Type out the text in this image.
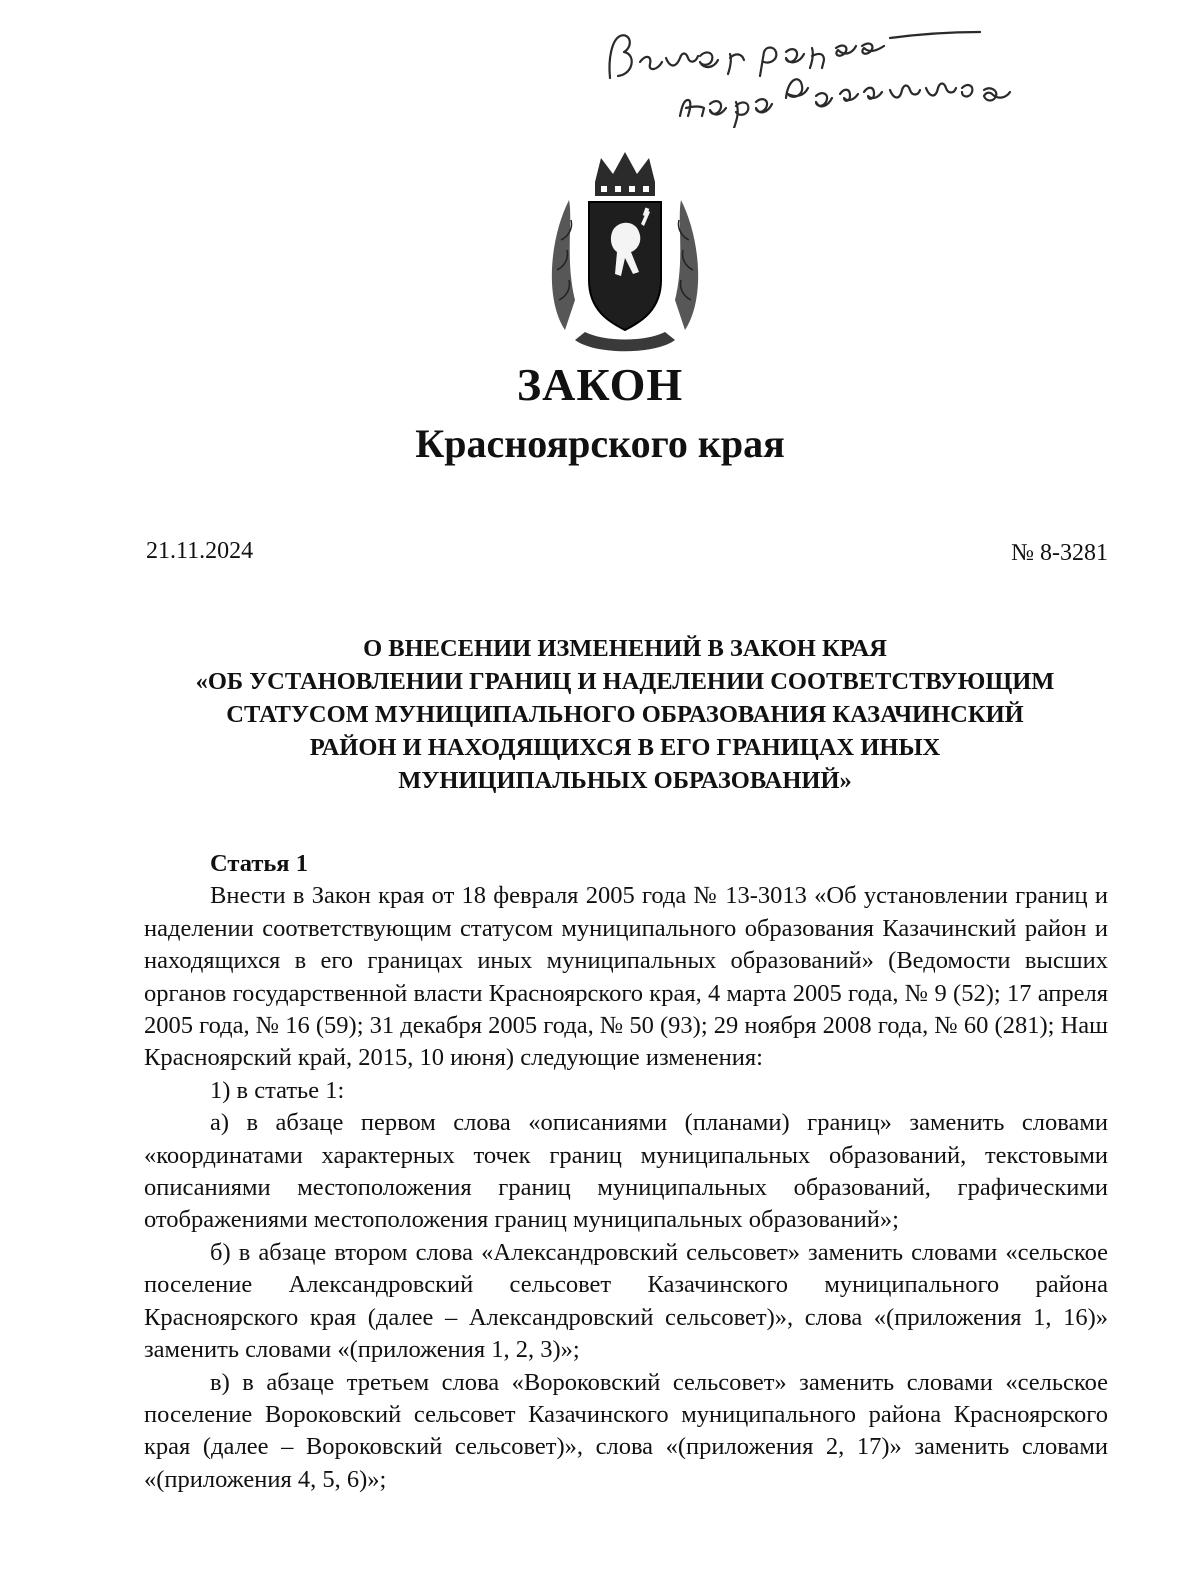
ЗАКОН
Красноярского края
21.11.2024	№ 8-3281
О ВНЕСЕНИИ ИЗМЕНЕНИЙ В ЗАКОН КРАЯ
«ОБ УСТАНОВЛЕНИИ ГРАНИЦ И НАДЕЛЕНИИ СООТВЕТСТВУЮЩИМ
СТАТУСОМ МУНИЦИПАЛЬНОГО ОБРАЗОВАНИЯ КАЗАЧИНСКИЙ
РАЙОН И НАХОДЯЩИХСЯ В ЕГО ГРАНИЦАХ ИНЫХ
МУНИЦИПАЛЬНЫХ ОБРАЗОВАНИЙ»
Статья 1

Внести в Закон края от 18 февраля 2005 года № 13-3013 «Об установлении границ и наделении соответствующим статусом муниципального образования Казачинский район и находящихся в его границах иных муниципальных образований» (Ведомости высших органов государственной власти Красноярского края, 4 марта 2005 года, № 9 (52); 17 апреля 2005 года, № 16 (59); 31 декабря 2005 года, № 50 (93); 29 ноября 2008 года, № 60 (281); Наш Красноярский край, 2015, 10 июня) следующие изменения:

1) в статье 1:

а) в абзаце первом слова «описаниями (планами) границ» заменить словами «координатами характерных точек границ муниципальных образований, текстовыми описаниями местоположения границ муниципальных образований, графическими отображениями местоположения границ муниципальных образований»;

б) в абзаце втором слова «Александровский сельсовет» заменить словами «сельское поселение Александровский сельсовет Казачинского муниципального района Красноярского края (далее – Александровский сельсовет)», слова «(приложения 1, 16)» заменить словами «(приложения 1, 2, 3)»;

в) в абзаце третьем слова «Вороковский сельсовет» заменить словами «сельское поселение Вороковский сельсовет Казачинского муниципального района Красноярского края (далее – Вороковский сельсовет)», слова «(приложения 2, 17)» заменить словами «(приложения 4, 5, 6)»;
